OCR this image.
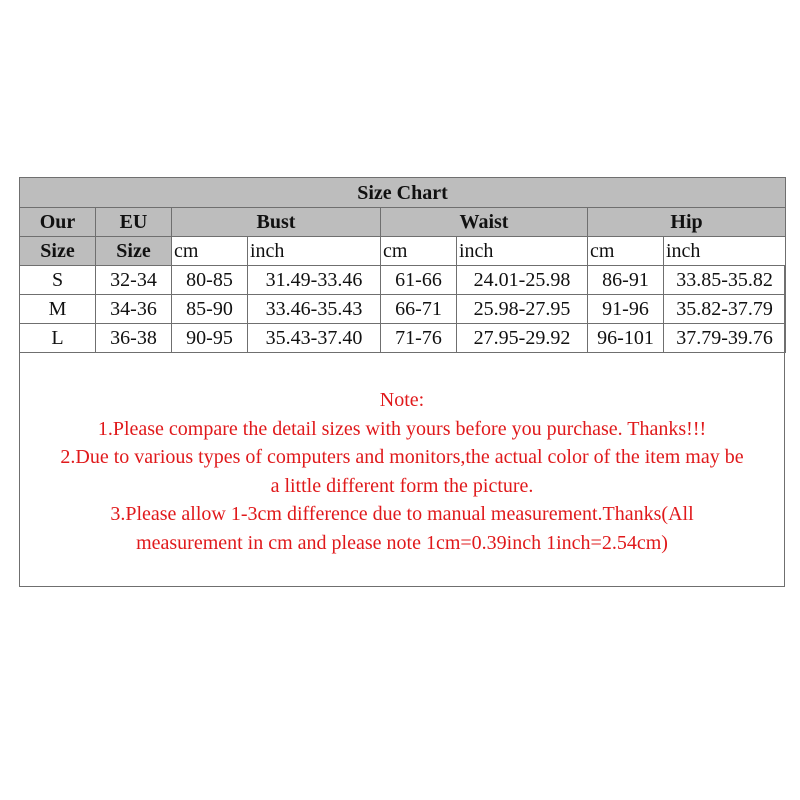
Size Chart							
Our	EU	Bust		Waist		Hip	
Size	Size	cm	inch	cm	inch	cm	inch
S	32-34	80-85	31.49-33.46	61-66	24.01-25.98	86-91	33.85-35.82
M	34-36	85-90	33.46-35.43	66-71	25.98-27.95	91-96	35.82-37.79
L	36-38	90-95	35.43-37.40	71-76	27.95-29.92	96-101	37.79-39.76
Note:
1.Please compare the detail sizes with yours before you purchase. Thanks!!!
2.Due to various types of computers and monitors,the actual color of the item may be
a little different form the picture.
3.Please allow 1-3cm difference due to manual measurement.Thanks(All
measurement in cm and please note 1cm=0.39inch 1inch=2.54cm)
